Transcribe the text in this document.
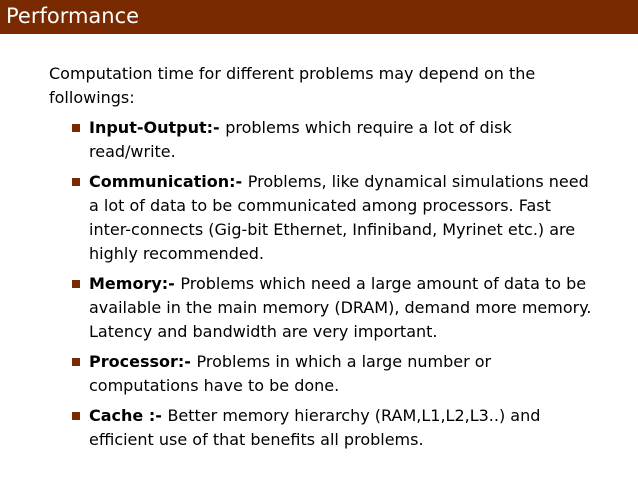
Performance

Computation time for different problems may depend on the followings:

Input-Output:- problems which require a lot of disk read/write.
Communication:- Problems, like dynamical simulations need a lot of data to be communicated among processors. Fast inter-connects (Gig-bit Ethernet, Infiniband, Myrinet etc.) are highly recommended.
Memory:- Problems which need a large amount of data to be available in the main memory (DRAM), demand more memory. Latency and bandwidth are very important.
Processor:- Problems in which a large number or computations have to be done.
Cache :- Better memory hierarchy (RAM,L1,L2,L3..) and efficient use of that benefits all problems.
